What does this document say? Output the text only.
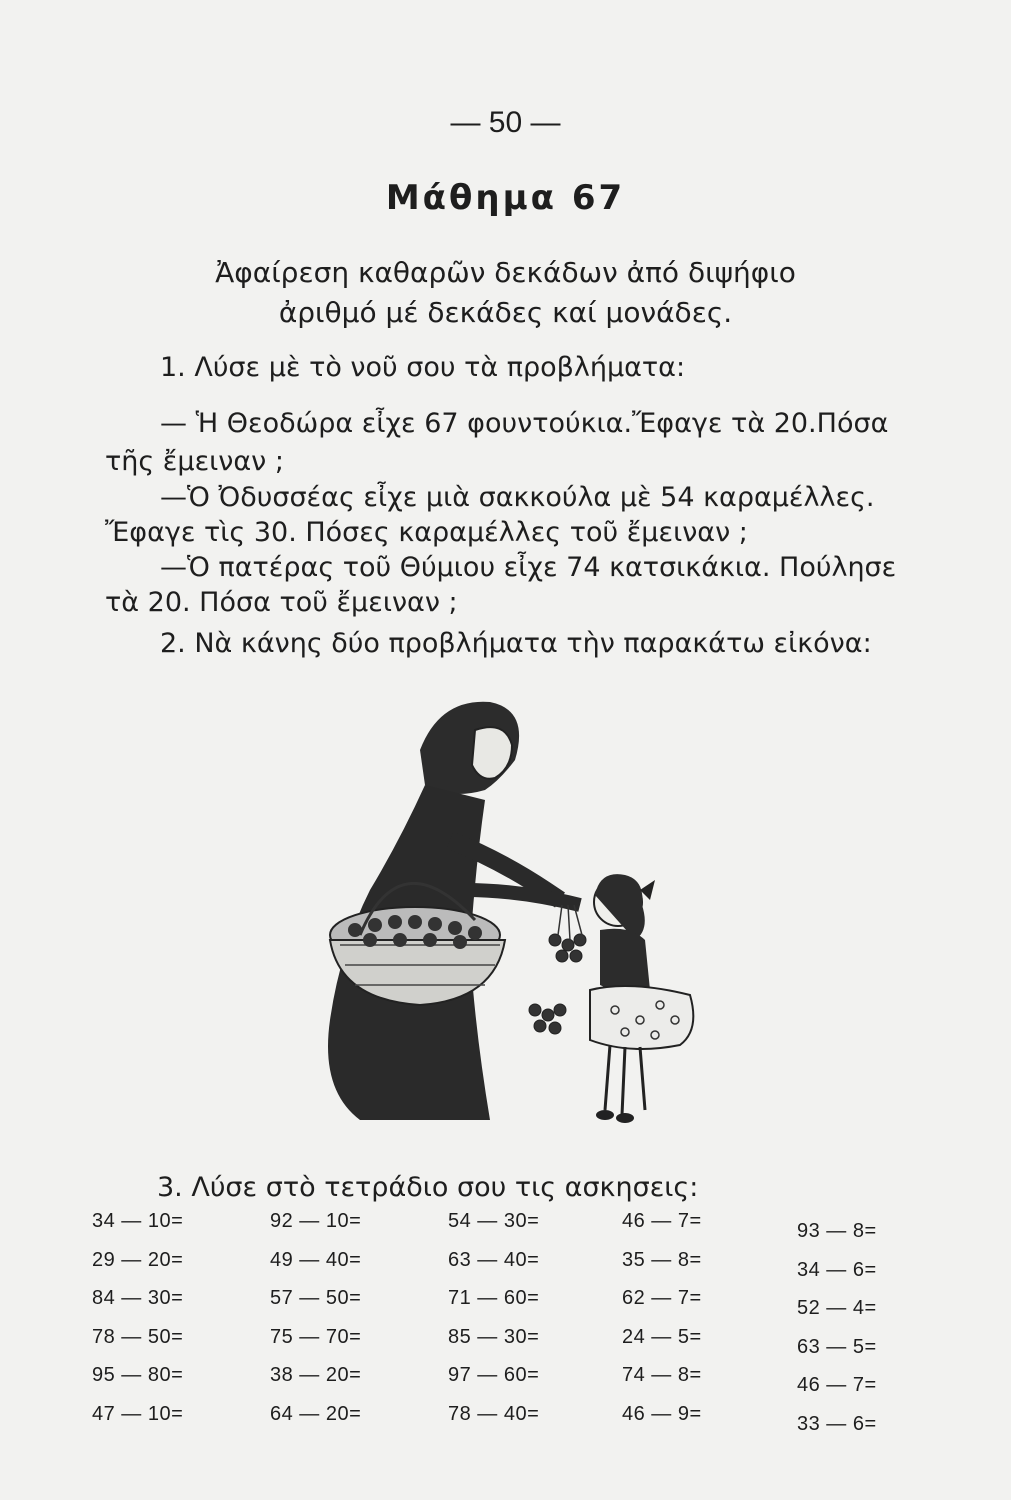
— 50 —
Μάθημα 67
Ἀφαίρεση καθαρῶν δεκάδων ἀπό διψήφιο
ἀριθμό μέ δεκάδες καί μονάδες.
1. Λύσε μὲ τὸ νοῦ σου τὰ προβλήματα:
— Ἡ Θεοδώρα εἶχε 67 φουντούκια.Ἔφαγε τὰ 20.Πόσα
τῆς ἔμειναν ;
—Ὁ Ὀδυσσέας εἶχε μιὰ σακκούλα μὲ 54 καραμέλλες.
Ἔφαγε τὶς 30. Πόσες καραμέλλες τοῦ ἔμειναν ;
—Ὁ πατέρας τοῦ Θύμιου εἶχε 74 κατσικάκια. Πούλησε
τὰ 20. Πόσα τοῦ ἔμειναν ;
2. Νὰ κάνης δύο προβλήματα τὴν παρακάτω εἰκόνα:
3. Λύσε στὸ τετράδιο σου τις ασκησεις:
34 — 10=
29 — 20=
84 — 30=
78 — 50=
95 — 80=
47 — 10=
92 — 10=
49 — 40=
57 — 50=
75 — 70=
38 — 20=
64 — 20=
54 — 30=
63 — 40=
71 — 60=
85 — 30=
97 — 60=
78 — 40=
46 — 7=
35 — 8=
62 — 7=
24 — 5=
74 — 8=
46 — 9=
93 — 8=
34 — 6=
52 — 4=
63 — 5=
46 — 7=
33 — 6=
